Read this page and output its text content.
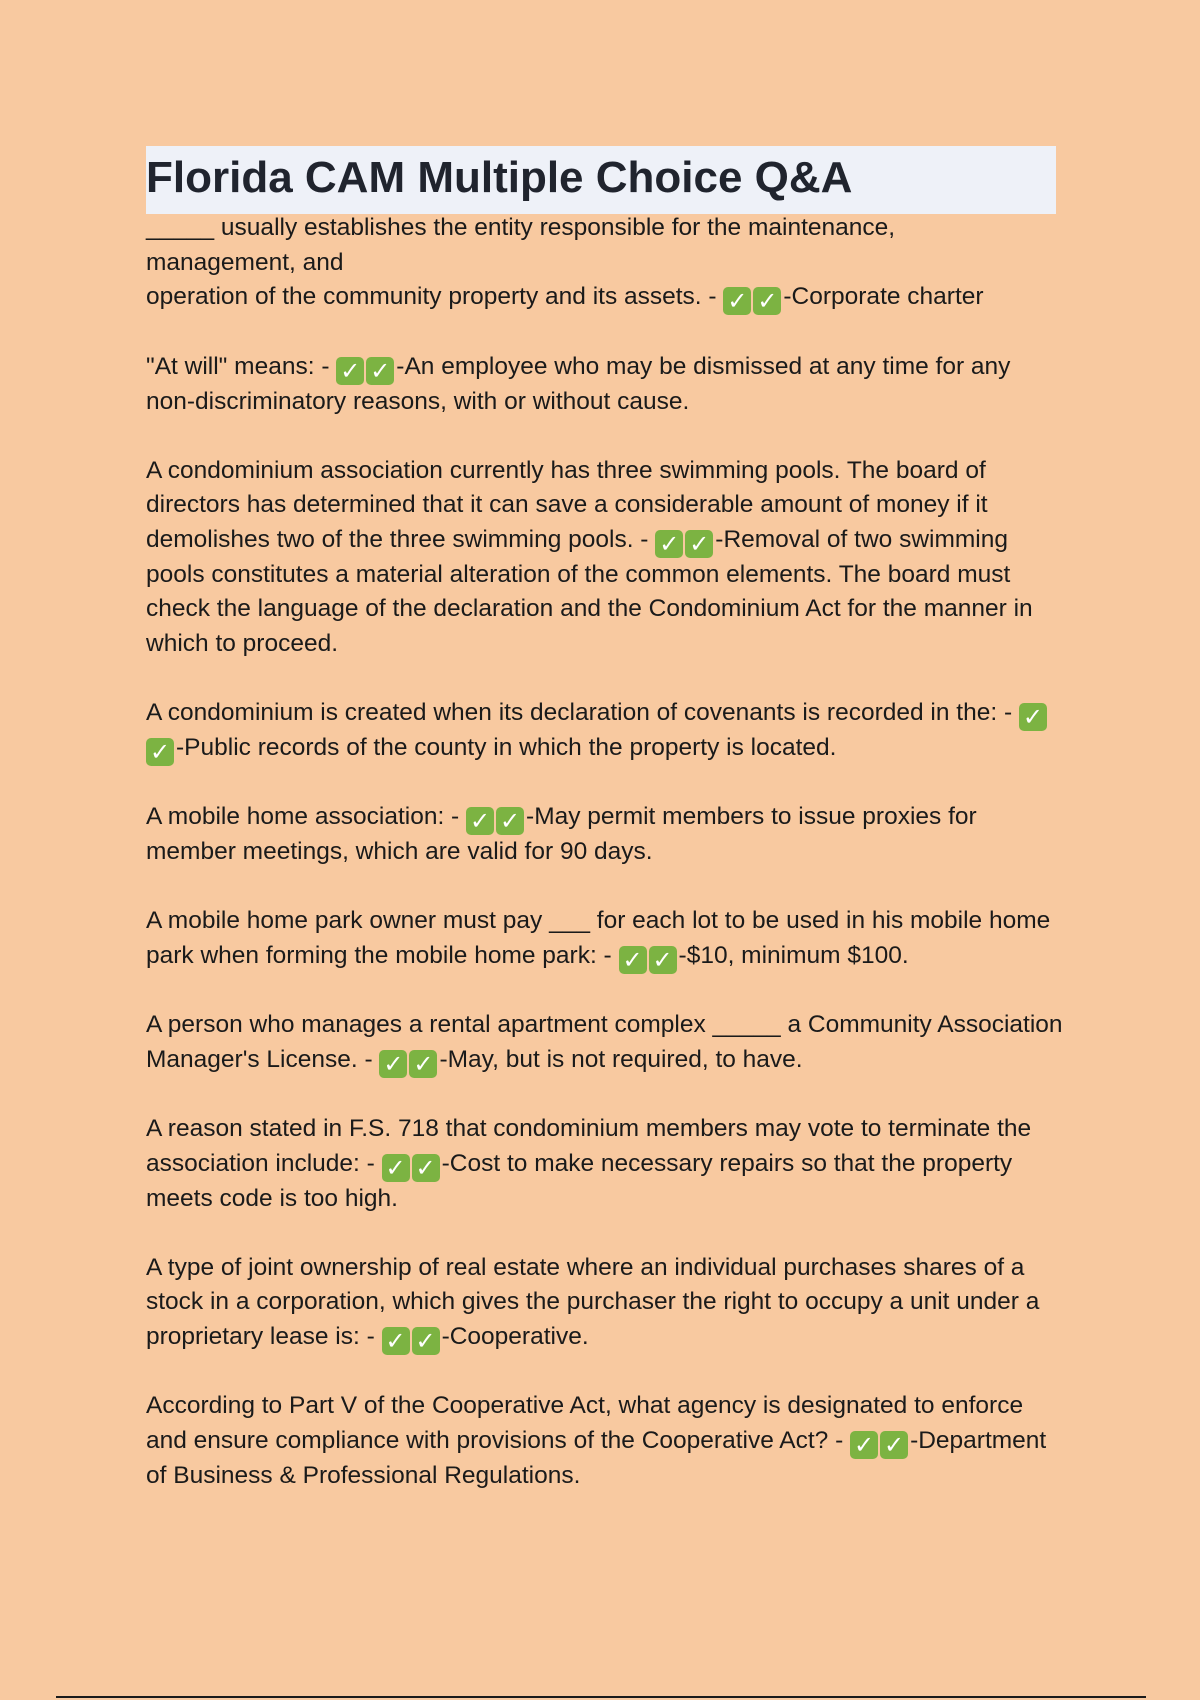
Florida CAM Multiple Choice Q&A

_____ usually establishes the entity responsible for the maintenance,
management, and
operation of the community property and its assets. - ✓ ✓ -Corporate charter

"At will" means: - ✓ ✓ -An employee who may be dismissed at any time for any non-discriminatory reasons, with or without cause.

A condominium association currently has three swimming pools. The board of directors has determined that it can save a considerable amount of money if it demolishes two of the three swimming pools. - ✓ ✓ -Removal of two swimming pools constitutes a material alteration of the common elements. The board must check the language of the declaration and the Condominium Act for the manner in which to proceed.

A condominium is created when its declaration of covenants is recorded in the: - ✓✓ -Public records of the county in which the property is located.

A mobile home association: - ✓ ✓ -May permit members to issue proxies for member meetings, which are valid for 90 days.

A mobile home park owner must pay ___ for each lot to be used in his mobile home park when forming the mobile home park: - ✓ ✓ -$10, minimum $100.

A person who manages a rental apartment complex _____ a Community Association Manager's License. - ✓ ✓ -May, but is not required, to have.

A reason stated in F.S. 718 that condominium members may vote to terminate the association include: - ✓ ✓ -Cost to make necessary repairs so that the property meets code is too high.

A type of joint ownership of real estate where an individual purchases shares of a stock in a corporation, which gives the purchaser the right to occupy a unit under a proprietary lease is: - ✓ ✓ -Cooperative.

According to Part V of the Cooperative Act, what agency is designated to enforce and ensure compliance with provisions of the Cooperative Act? - ✓ ✓ -Department of Business & Professional Regulations.
